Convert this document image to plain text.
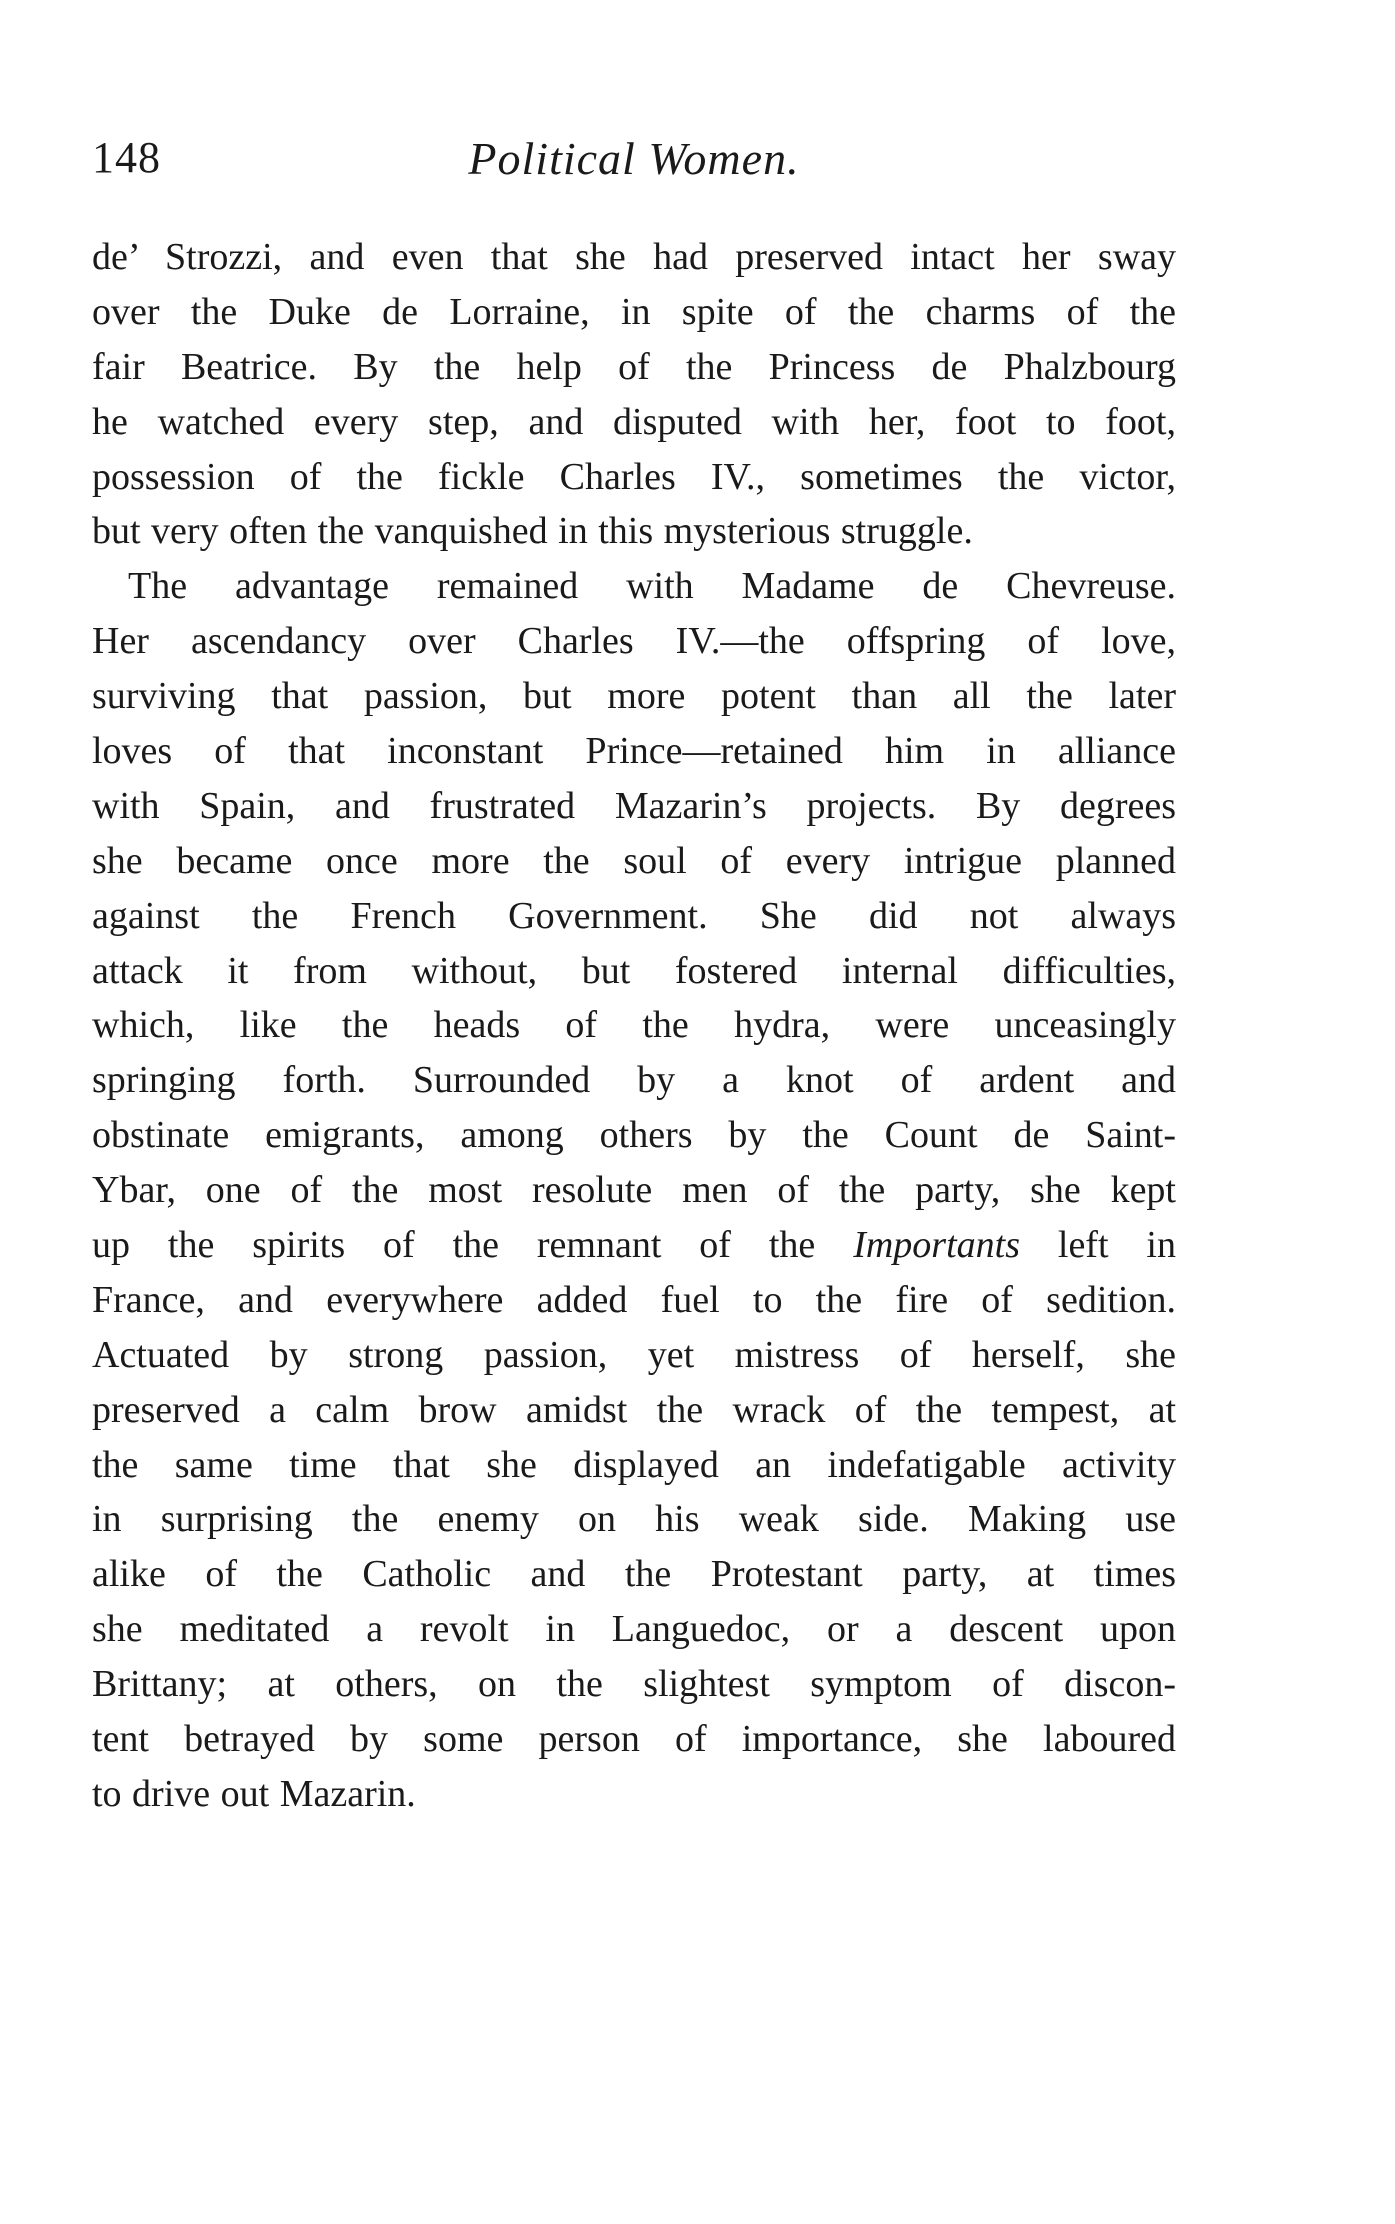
148	Political Women.
de’ Strozzi, and even that she had preserved intact her sway
over the Duke de Lorraine, in spite of the charms of the
fair Beatrice. By the help of the Princess de Phalzbourg
he watched every step, and disputed with her, foot to foot,
possession of the fickle Charles IV., sometimes the victor,
but very often the vanquished in this mysterious struggle.
The advantage remained with Madame de Chevreuse.
Her ascendancy over Charles IV.—the offspring of love,
surviving that passion, but more potent than all the later
loves of that inconstant Prince—retained him in alliance
with Spain, and frustrated Mazarin’s projects. By degrees
she became once more the soul of every intrigue planned
against the French Government. She did not always
attack it from without, but fostered internal difficulties,
which, like the heads of the hydra, were unceasingly
springing forth. Surrounded by a knot of ardent and
obstinate emigrants, among others by the Count de Saint-
Ybar, one of the most resolute men of the party, she kept
up the spirits of the remnant of the Importants left in
France, and everywhere added fuel to the fire of sedition.
Actuated by strong passion, yet mistress of herself, she
preserved a calm brow amidst the wrack of the tempest, at
the same time that she displayed an indefatigable activity
in surprising the enemy on his weak side. Making use
alike of the Catholic and the Protestant party, at times
she meditated a revolt in Languedoc, or a descent upon
Brittany; at others, on the slightest symptom of discon-
tent betrayed by some person of importance, she laboured
to drive out Mazarin.
